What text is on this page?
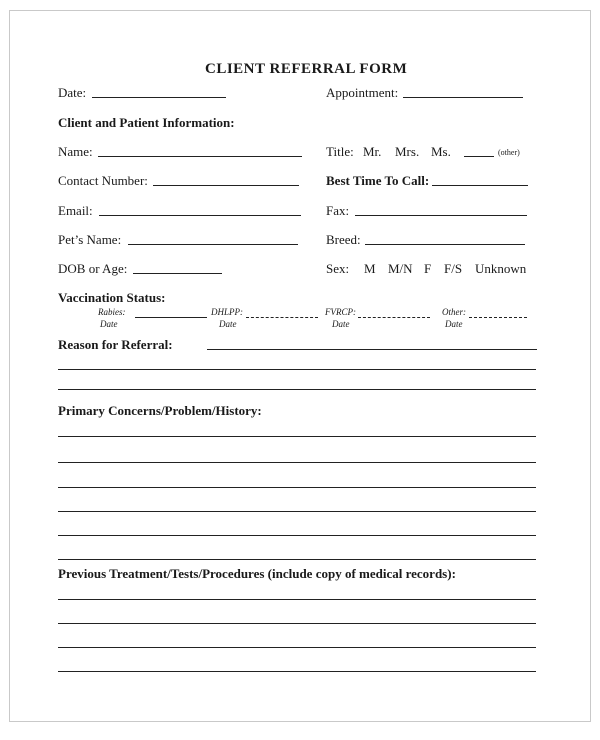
CLIENT REFERRAL FORM
Date:	Appointment:
Client and Patient Information:
Name:	Title: Mr. Mrs. Ms.	(other)
Contact Number:	Best Time To Call:
Email:	Fax:
Pet’s Name:	Breed:
DOB or Age:	Sex: M M/N F F/S Unknown
Vaccination Status:
Rabies:
Date
DHLPP:
Date
FVRCP:
Date
Other:
Date
Reason for Referral:
Primary Concerns/Problem/History:
Previous Treatment/Tests/Procedures (include copy of medical records):
